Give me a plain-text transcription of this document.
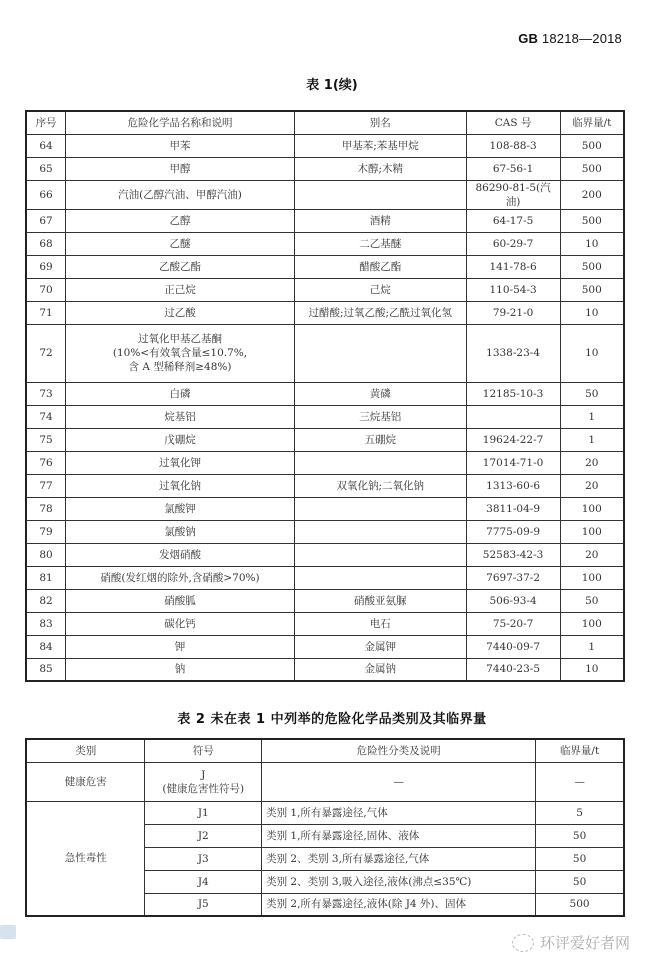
GB 18218—2018
表 1(续)
序号	危险化学品名称和说明	别名	CAS 号	临界量/t
64	甲苯	甲基苯;苯基甲烷	108-88-3	500
65	甲醇	木醇;木精	67-56-1	500
66	汽油(乙醇汽油、甲醇汽油)		86290-81-5(汽油)	200
67	乙醇	酒精	64-17-5	500
68	乙醚	二乙基醚	60-29-7	10
69	乙酸乙酯	醋酸乙酯	141-78-6	500
70	正己烷	己烷	110-54-3	500
71	过乙酸	过醋酸;过氧乙酸;乙酰过氧化氢	79-21-0	10
72	过氧化甲基乙基酮
(10%<有效氧含量≤10.7%,
含 A 型稀释剂≥48%)		1338-23-4	10
73	白磷	黄磷	12185-10-3	50
74	烷基铝	三烷基铝		1
75	戊硼烷	五硼烷	19624-22-7	1
76	过氧化钾		17014-71-0	20
77	过氧化钠	双氧化钠;二氧化钠	1313-60-6	20
78	氯酸钾		3811-04-9	100
79	氯酸钠		7775-09-9	100
80	发烟硝酸		52583-42-3	20
81	硝酸(发红烟的除外,含硝酸>70%)		7697-37-2	100
82	硝酸胍	硝酸亚氨脲	506-93-4	50
83	碳化钙	电石	75-20-7	100
84	钾	金属钾	7440-09-7	1
85	钠	金属钠	7440-23-5	10
表 2 未在表 1 中列举的危险化学品类别及其临界量
类别	符号	危险性分类及说明	临界量/t
健康危害	J
(健康危害性符号)	—	—
急性毒性	J1	类别 1,所有暴露途径,气体	5
	J2	类别 1,所有暴露途径,固体、液体	50
	J3	类别 2、类别 3,所有暴露途径,气体	50
	J4	类别 2、类别 3,吸入途径,液体(沸点≤35℃)	50
	J5	类别 2,所有暴露途径,液体(除 J4 外)、固体	500
环评爱好者网
